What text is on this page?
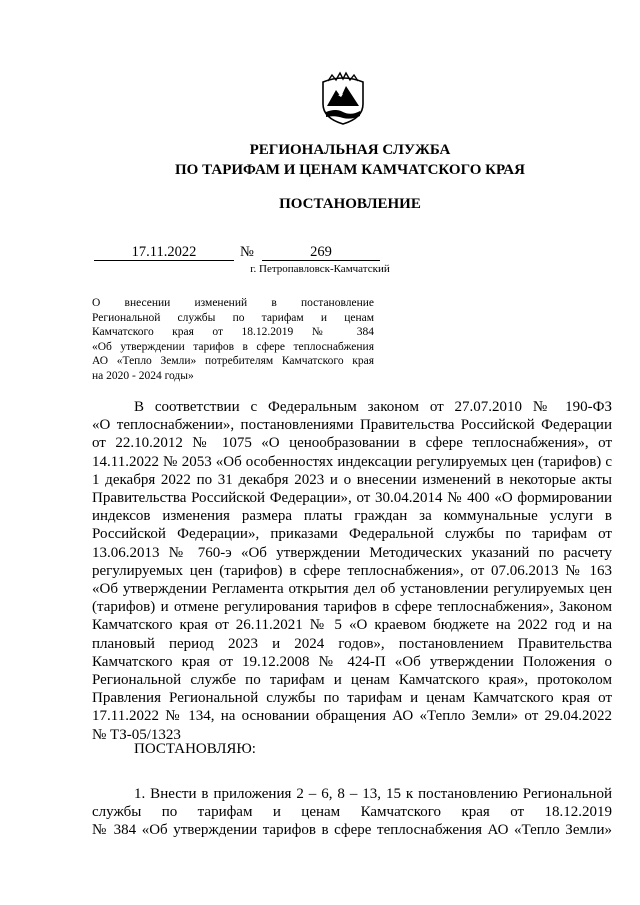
РЕГИОНАЛЬНАЯ СЛУЖБА
ПО ТАРИФАМ И ЦЕНАМ КАМЧАТСКОГО КРАЯ
ПОСТАНОВЛЕНИЕ
17.11.2022	№	269
г. Петропавловск-Камчатский
О внесении изменений в постановление
Региональной службы по тарифам и ценам
Камчатского края от 18.12.2019 № 384
«Об утверждении тарифов в сфере теплоснабжения
АО «Тепло Земли» потребителям Камчатского края
на 2020 - 2024 годы»
В соответствии с Федеральным законом от 27.07.2010 № 190-ФЗ
«О теплоснабжении», постановлениями Правительства Российской Федерации
от 22.10.2012 № 1075 «О ценообразовании в сфере теплоснабжения», от
14.11.2022 № 2053 «Об особенностях индексации регулируемых цен (тарифов) с
1 декабря 2022 по 31 декабря 2023 и о внесении изменений в некоторые акты
Правительства Российской Федерации», от 30.04.2014 № 400 «О формировании
индексов изменения размера платы граждан за коммунальные услуги в
Российской Федерации», приказами Федеральной службы по тарифам от
13.06.2013 № 760-э «Об утверждении Методических указаний по расчету
регулируемых цен (тарифов) в сфере теплоснабжения», от 07.06.2013 № 163
«Об утверждении Регламента открытия дел об установлении регулируемых цен
(тарифов) и отмене регулирования тарифов в сфере теплоснабжения», Законом
Камчатского края от 26.11.2021 № 5 «О краевом бюджете на 2022 год и на
плановый период 2023 и 2024 годов», постановлением Правительства
Камчатского края от 19.12.2008 № 424-П «Об утверждении Положения о
Региональной службе по тарифам и ценам Камчатского края», протоколом
Правления Региональной службы по тарифам и ценам Камчатского края от
17.11.2022 № 134, на основании обращения АО «Тепло Земли» от 29.04.2022
№ ТЗ-05/1323
ПОСТАНОВЛЯЮ:
1. Внести в приложения 2 – 6, 8 – 13, 15 к постановлению Региональной
службы по тарифам и ценам Камчатского края от 18.12.2019
№ 384 «Об утверждении тарифов в сфере теплоснабжения АО «Тепло Земли»
